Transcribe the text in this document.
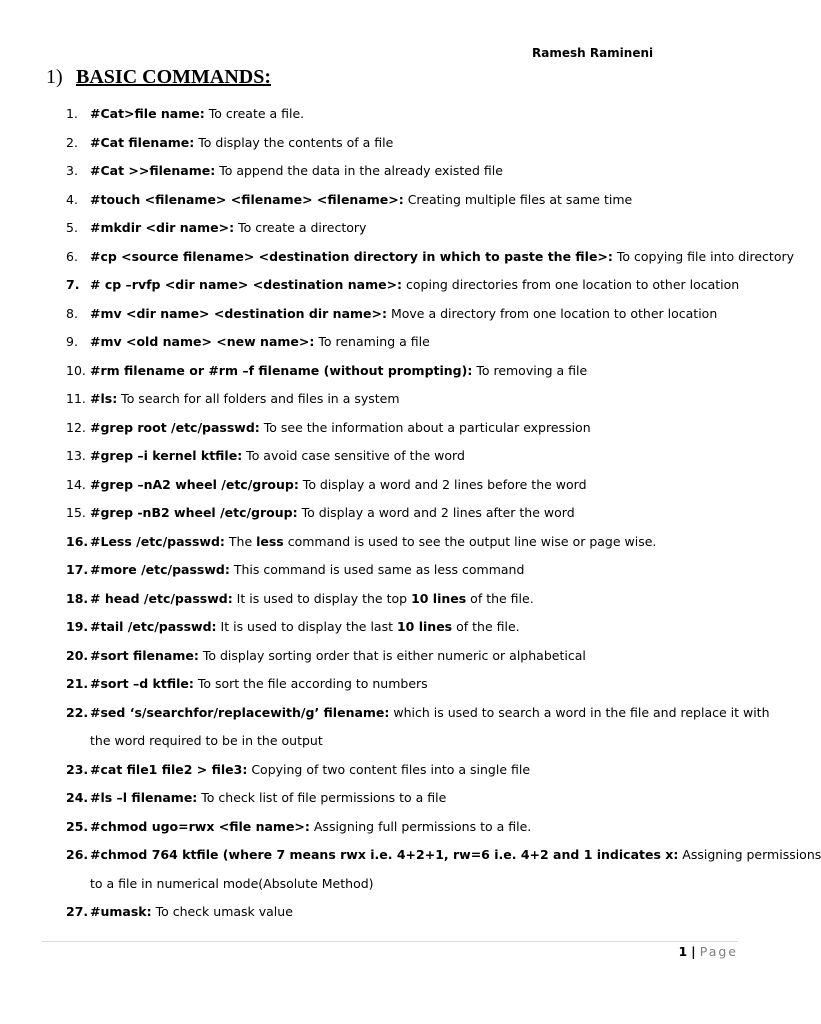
Ramesh Ramineni
1) BASIC COMMANDS:
1. #Cat>file name: To create a file.
2. #Cat filename: To display the contents of a file
3. #Cat >>filename: To append the data in the already existed file
4. #touch <filename> <filename> <filename>: Creating multiple files at same time
5. #mkdir <dir name>: To create a directory
6. #cp <source filename> <destination directory in which to paste the file>: To copying file into directory
7. # cp –rvfp <dir name> <destination name>: coping directories from one location to other location
8. #mv <dir name> <destination dir name>: Move a directory from one location to other location
9. #mv <old name> <new name>: To renaming a file
10. #rm filename or #rm –f filename (without prompting): To removing a file
11. #ls: To search for all folders and files in a system
12. #grep root /etc/passwd: To see the information about a particular expression
13. #grep –i kernel ktfile: To avoid case sensitive of the word
14. #grep –nA2 wheel /etc/group: To display a word and 2 lines before the word
15. #grep -nB2 wheel /etc/group: To display a word and 2 lines after the word
16. #Less /etc/passwd: The less command is used to see the output line wise or page wise.
17. #more /etc/passwd: This command is used same as less command
18. # head /etc/passwd: It is used to display the top 10 lines of the file.
19. #tail /etc/passwd: It is used to display the last 10 lines of the file.
20. #sort filename: To display sorting order that is either numeric or alphabetical
21. #sort –d ktfile: To sort the file according to numbers
22. #sed ‘s/searchfor/replacewith/g’ filename: which is used to search a word in the file and replace it with
the word required to be in the output
23. #cat file1 file2 > file3: Copying of two content files into a single file
24. #ls –l filename: To check list of file permissions to a file
25. #chmod ugo=rwx <file name>: Assigning full permissions to a file.
26. #chmod 764 ktfile (where 7 means rwx i.e. 4+2+1, rw=6 i.e. 4+2 and 1 indicates x: Assigning permissions
to a file in numerical mode(Absolute Method)
27. #umask: To check umask value
1 | Page
